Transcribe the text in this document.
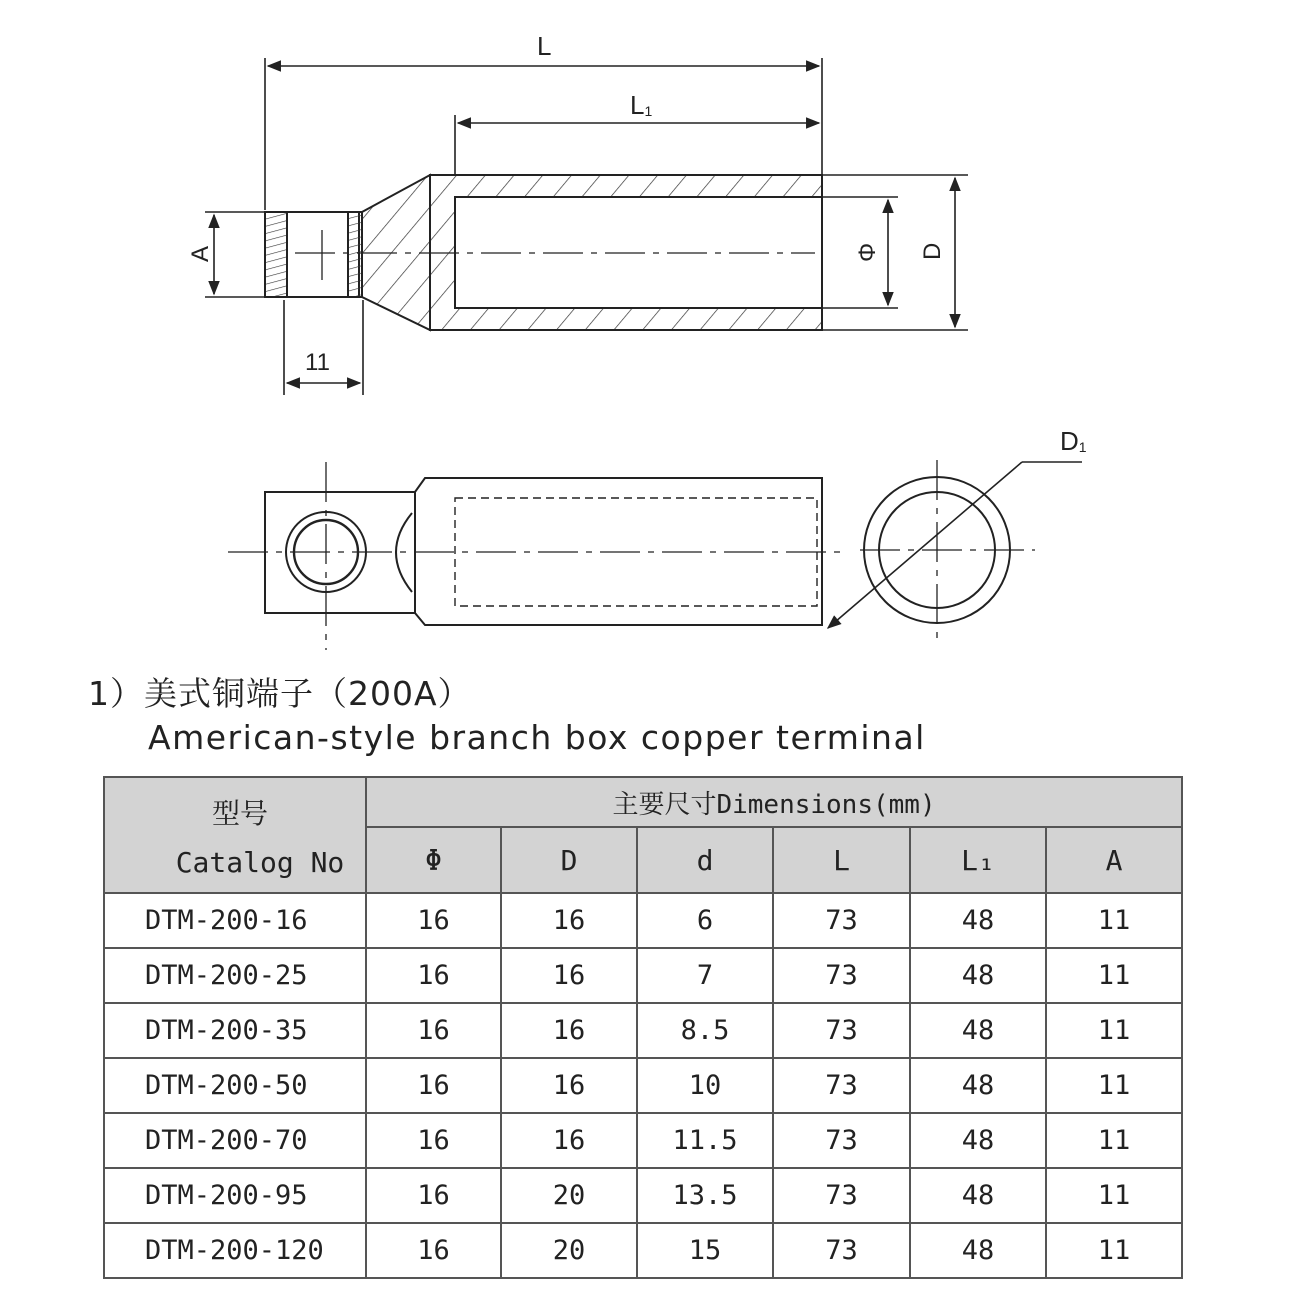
L
L1
A
11
Φ D
D1
1）美式铜端子（200A）
American-style branch box copper terminal
型号
Catalog No	主要尺寸Dimensions(mm)					
	Φ	D	d	L	L₁	A
DTM-200-16	16	16	6	73	48	11
DTM-200-25	16	16	7	73	48	11
DTM-200-35	16	16	8.5	73	48	11
DTM-200-50	16	16	10	73	48	11
DTM-200-70	16	16	11.5	73	48	11
DTM-200-95	16	20	13.5	73	48	11
DTM-200-120	16	20	15	73	48	11
